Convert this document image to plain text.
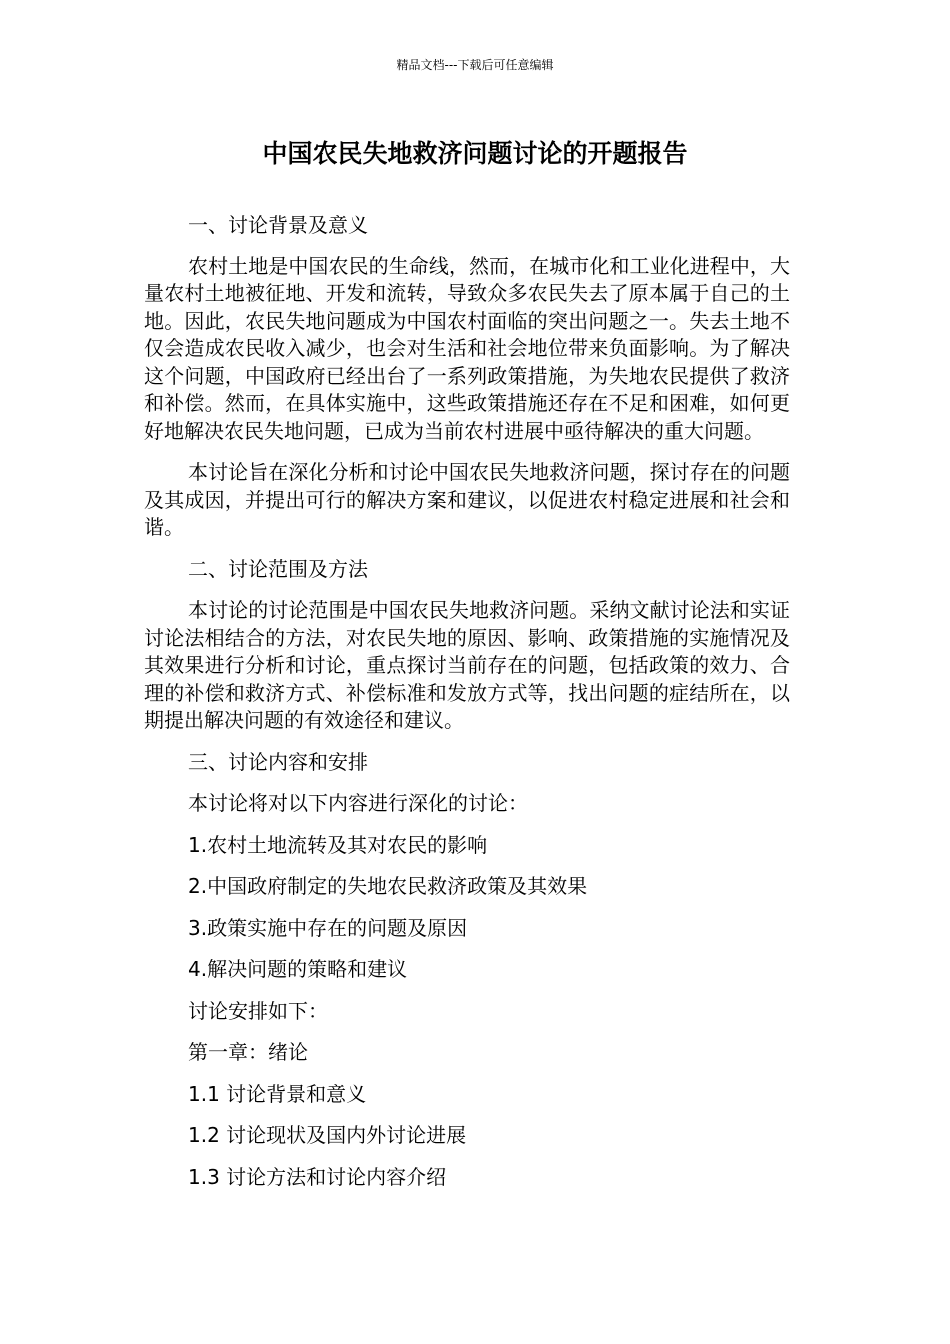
精品文档---下载后可任意编辑
中国农民失地救济问题讨论的开题报告

一、讨论背景及意义

农村土地是中国农民的生命线，然而，在城市化和工业化进程中，大量农村土地被征地、开发和流转，导致众多农民失去了原本属于自己的土地。因此，农民失地问题成为中国农村面临的突出问题之一。失去土地不仅会造成农民收入减少，也会对生活和社会地位带来负面影响。为了解决这个问题，中国政府已经出台了一系列政策措施，为失地农民提供了救济和补偿。然而，在具体实施中，这些政策措施还存在不足和困难，如何更好地解决农民失地问题，已成为当前农村进展中亟待解决的重大问题。

本讨论旨在深化分析和讨论中国农民失地救济问题，探讨存在的问题及其成因，并提出可行的解决方案和建议，以促进农村稳定进展和社会和谐。

二、讨论范围及方法

本讨论的讨论范围是中国农民失地救济问题。采纳文献讨论法和实证讨论法相结合的方法，对农民失地的原因、影响、政策措施的实施情况及其效果进行分析和讨论，重点探讨当前存在的问题，包括政策的效力、合理的补偿和救济方式、补偿标准和发放方式等，找出问题的症结所在，以期提出解决问题的有效途径和建议。

三、讨论内容和安排

本讨论将对以下内容进行深化的讨论：

1.农村土地流转及其对农民的影响

2.中国政府制定的失地农民救济政策及其效果

3.政策实施中存在的问题及原因

4.解决问题的策略和建议

讨论安排如下：

第一章：绪论

1.1 讨论背景和意义

1.2 讨论现状及国内外讨论进展

1.3 讨论方法和讨论内容介绍
